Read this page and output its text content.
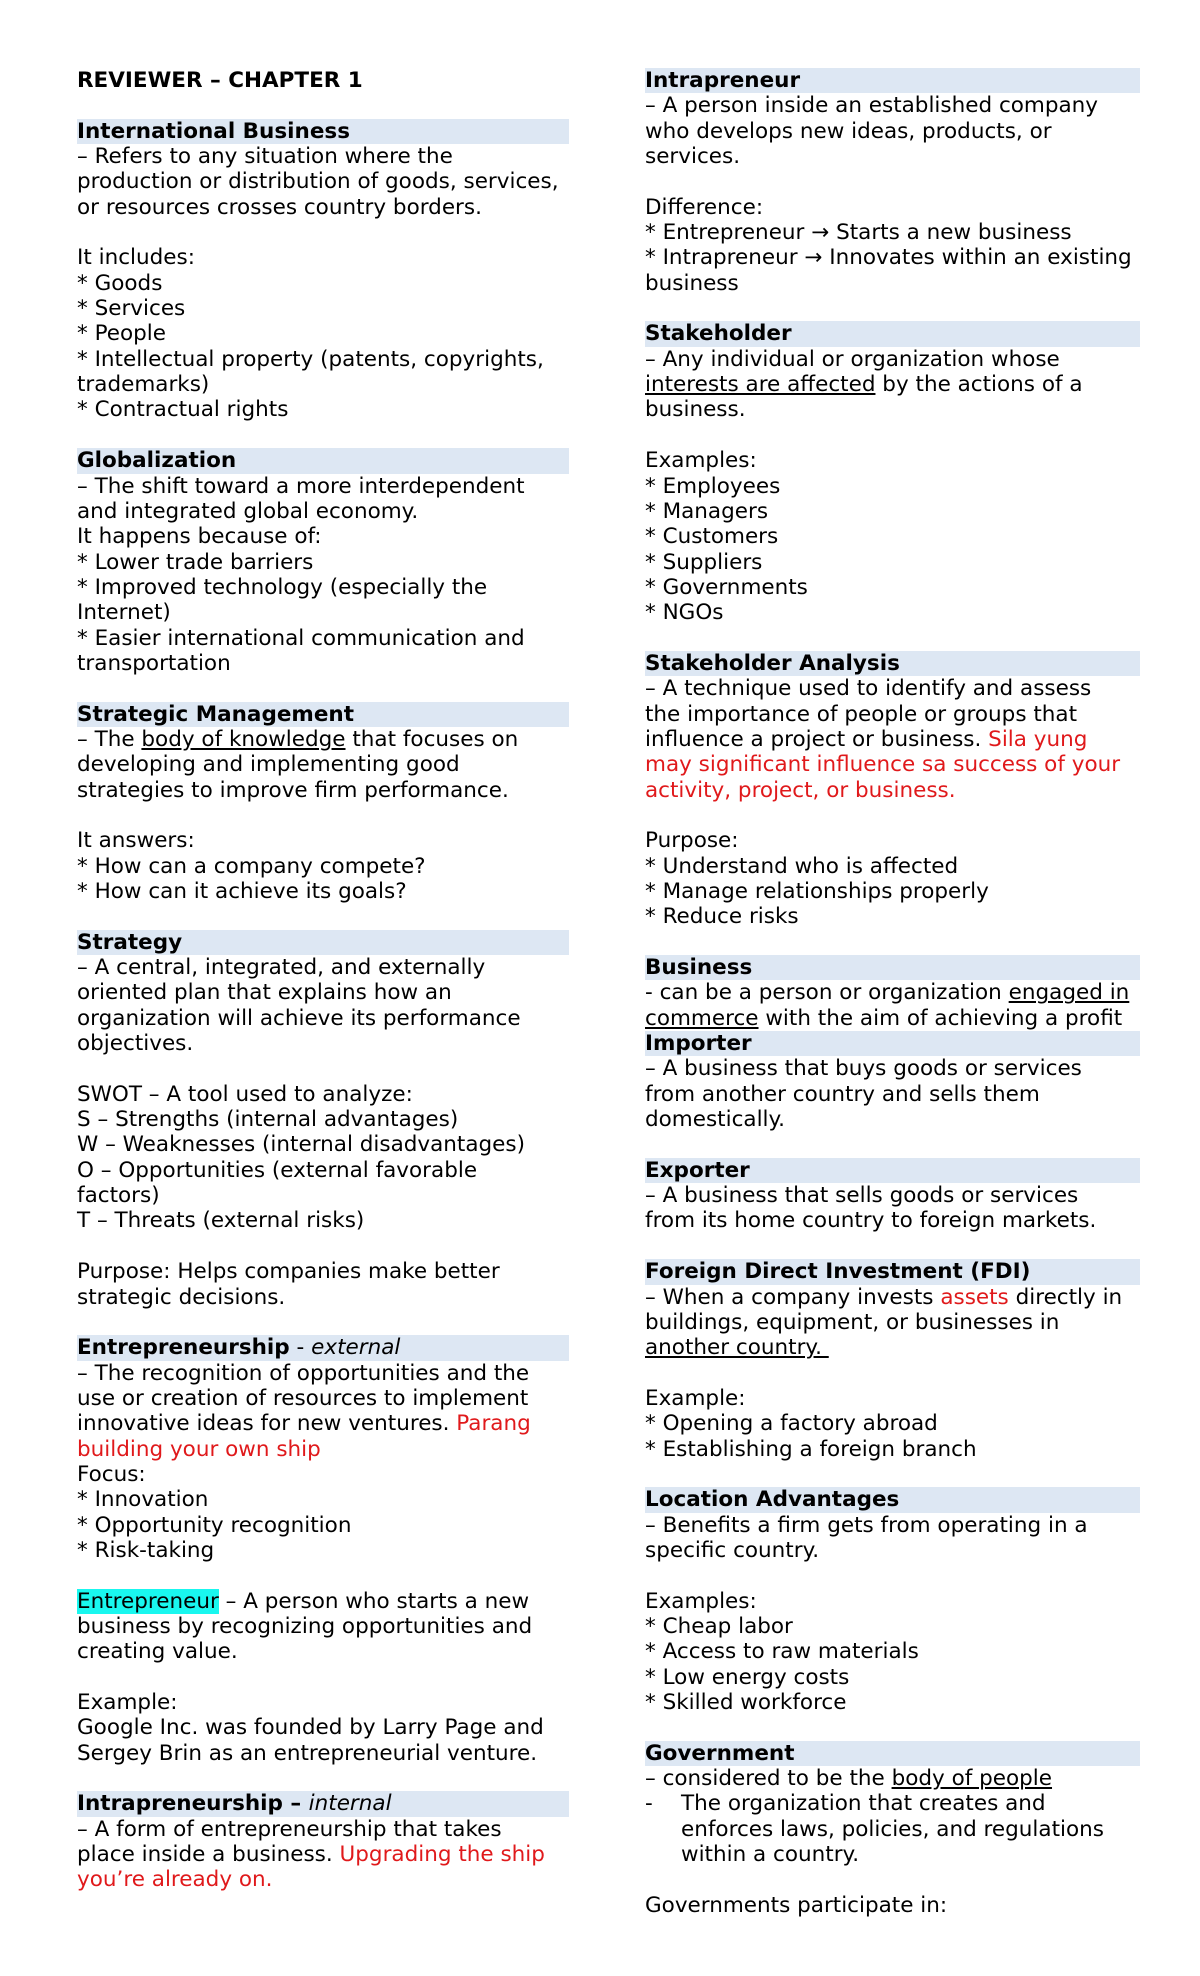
REVIEWER – CHAPTER 1

International Business

– Refers to any situation where the

production or distribution of goods, services,

or resources crosses country borders.

It includes:

* Goods

* Services

* People

* Intellectual property (patents, copyrights,

trademarks)

* Contractual rights

Globalization

– The shift toward a more interdependent

and integrated global economy.

It happens because of:

* Lower trade barriers

* Improved technology (especially the

Internet)

* Easier international communication and

transportation

Strategic Management

– The body of knowledge that focuses on

developing and implementing good

strategies to improve firm performance.

It answers:

* How can a company compete?

* How can it achieve its goals?

Strategy

– A central, integrated, and externally

oriented plan that explains how an

organization will achieve its performance

objectives.

SWOT – A tool used to analyze:

S – Strengths (internal advantages)

W – Weaknesses (internal disadvantages)

O – Opportunities (external favorable

factors)

T – Threats (external risks)

Purpose: Helps companies make better

strategic decisions.

Entrepreneurship - external

– The recognition of opportunities and the

use or creation of resources to implement

innovative ideas for new ventures. Parang

building your own ship

Focus:

* Innovation

* Opportunity recognition

* Risk-taking

Entrepreneur – A person who starts a new

business by recognizing opportunities and

creating value.

Example:

Google Inc. was founded by Larry Page and

Sergey Brin as an entrepreneurial venture.

Intrapreneurship – internal

– A form of entrepreneurship that takes

place inside a business. Upgrading the ship

you’re already on.

Intrapreneur

– A person inside an established company

who develops new ideas, products, or

services.

Difference:

* Entrepreneur → Starts a new business

* Intrapreneur → Innovates within an existing

business

Stakeholder

– Any individual or organization whose

interests are affected by the actions of a

business.

Examples:

* Employees

* Managers

* Customers

* Suppliers

* Governments

* NGOs

Stakeholder Analysis

– A technique used to identify and assess

the importance of people or groups that

influence a project or business. Sila yung

may significant influence sa success of your

activity, project, or business.

Purpose:

* Understand who is affected

* Manage relationships properly

* Reduce risks

Business

- can be a person or organization engaged in

commerce with the aim of achieving a profit

Importer

– A business that buys goods or services

from another country and sells them

domestically.

Exporter

– A business that sells goods or services

from its home country to foreign markets.

Foreign Direct Investment (FDI)

– When a company invests assets directly in

buildings, equipment, or businesses in

another country.

Example:

* Opening a factory abroad

* Establishing a foreign branch

Location Advantages

– Benefits a firm gets from operating in a

specific country.

Examples:

* Cheap labor

* Access to raw materials

* Low energy costs

* Skilled workforce

Government

– considered to be the body of people

- The organization that creates and

enforces laws, policies, and regulations

within a country.

Governments participate in:
